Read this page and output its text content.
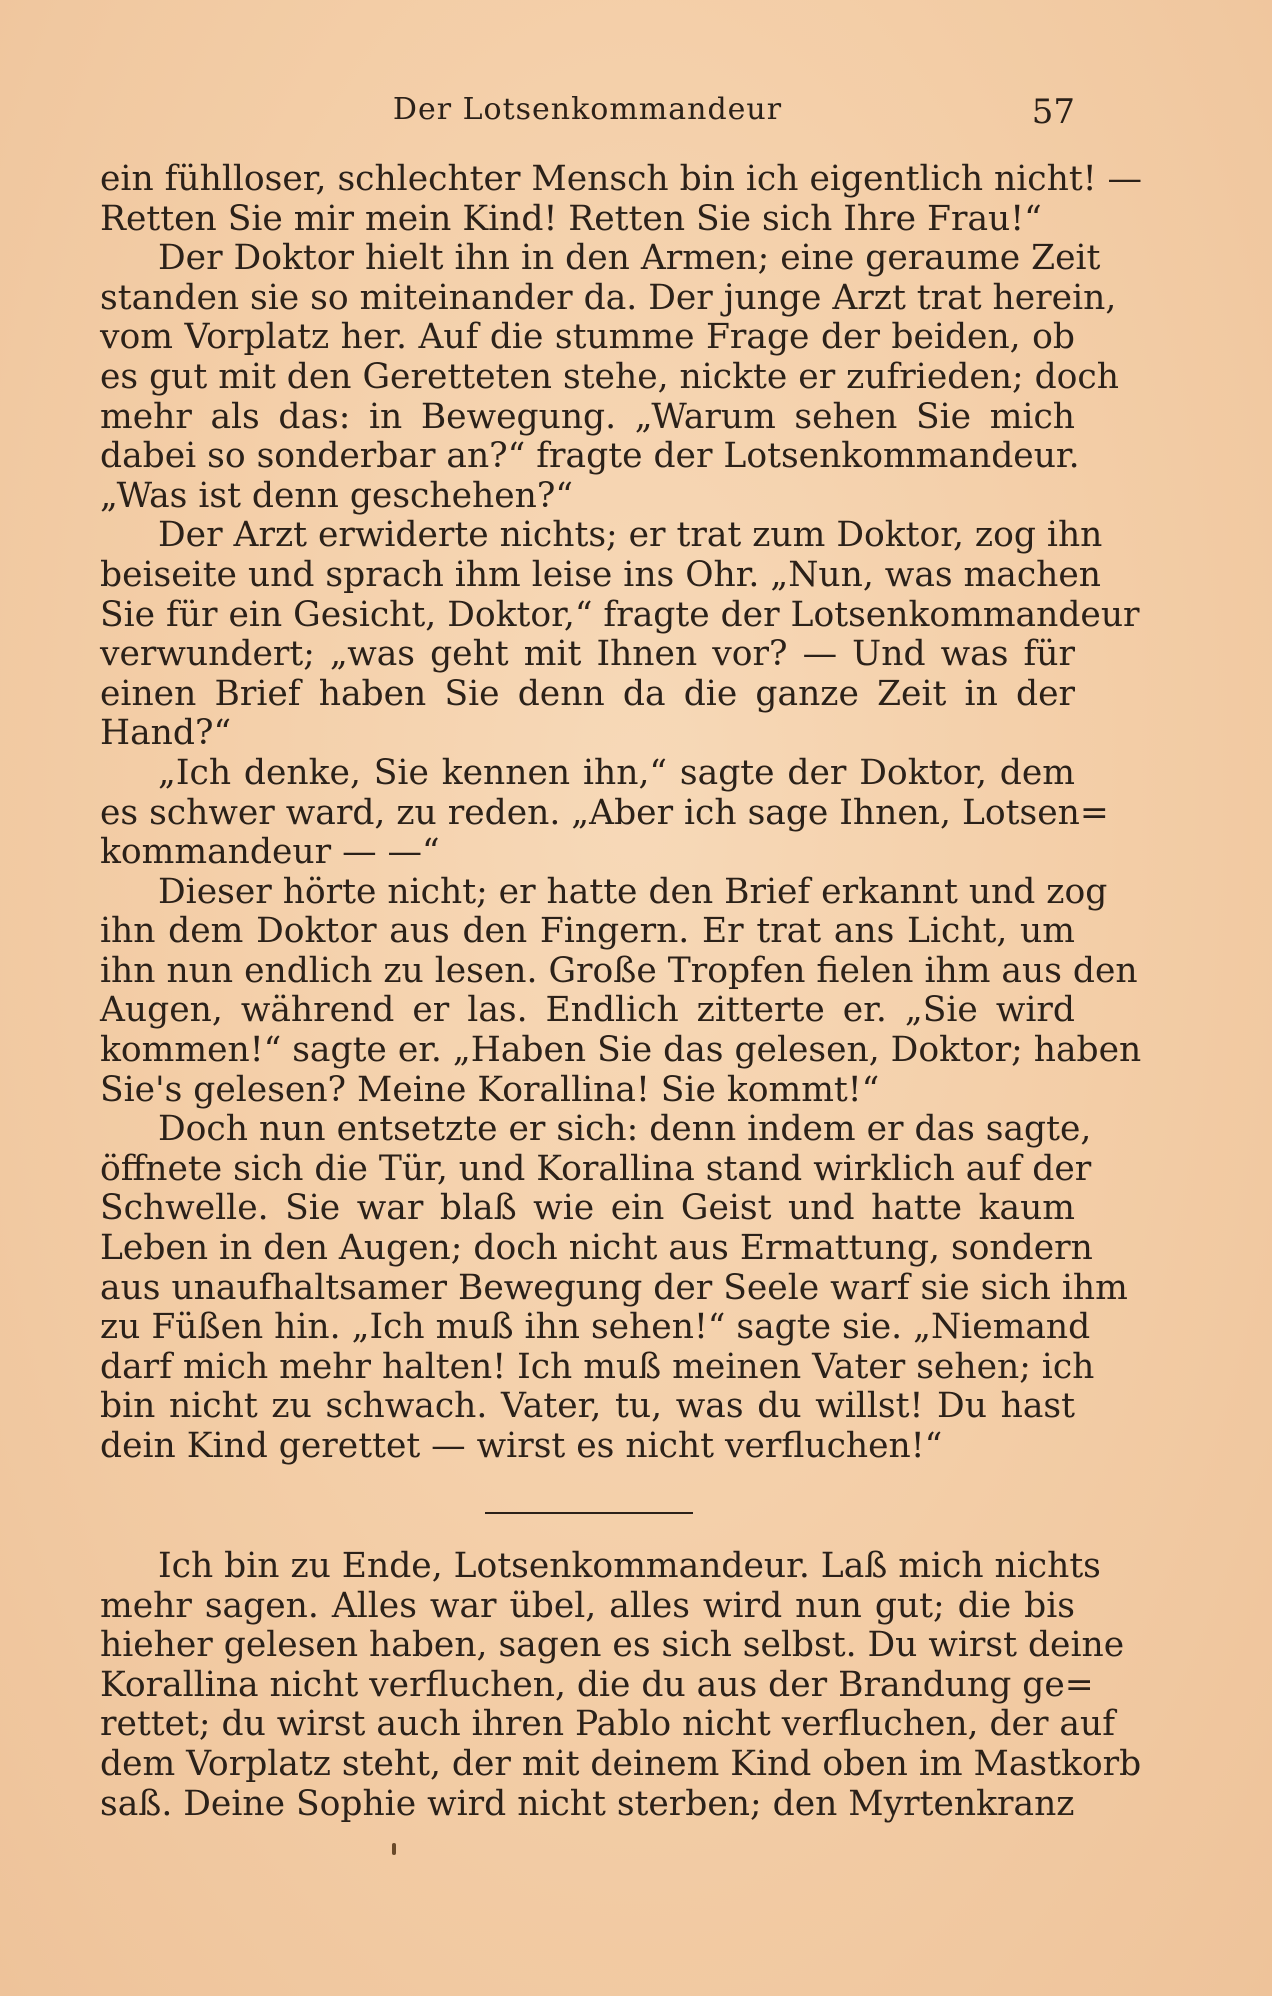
Der Lotsenkommandeur	57

ein fühlloser, schlechter Mensch bin ich eigentlich nicht! —
Retten Sie mir mein Kind! Retten Sie sich Ihre Frau!“

Der Doktor hielt ihn in den Armen; eine geraume Zeit
standen sie so miteinander da. Der junge Arzt trat herein,
vom Vorplatz her. Auf die stumme Frage der beiden, ob
es gut mit den Geretteten stehe, nickte er zufrieden; doch
mehr als das: in Bewegung. „Warum sehen Sie mich
dabei so sonderbar an?“ fragte der Lotsenkommandeur.
„Was ist denn geschehen?“

Der Arzt erwiderte nichts; er trat zum Doktor, zog ihn
beiseite und sprach ihm leise ins Ohr. „Nun, was machen
Sie für ein Gesicht, Doktor,“ fragte der Lotsenkommandeur
verwundert; „was geht mit Ihnen vor? — Und was für
einen Brief haben Sie denn da die ganze Zeit in der
Hand?“

„Ich denke, Sie kennen ihn,“ sagte der Doktor, dem
es schwer ward, zu reden. „Aber ich sage Ihnen, Lotsen=
kommandeur — —“

Dieser hörte nicht; er hatte den Brief erkannt und zog
ihn dem Doktor aus den Fingern. Er trat ans Licht, um
ihn nun endlich zu lesen. Große Tropfen fielen ihm aus den
Augen, während er las. Endlich zitterte er. „Sie wird
kommen!“ sagte er. „Haben Sie das gelesen, Doktor; haben
Sie's gelesen? Meine Korallina! Sie kommt!“

Doch nun entsetzte er sich: denn indem er das sagte,
öffnete sich die Tür, und Korallina stand wirklich auf der
Schwelle. Sie war blaß wie ein Geist und hatte kaum
Leben in den Augen; doch nicht aus Ermattung, sondern
aus unaufhaltsamer Bewegung der Seele warf sie sich ihm
zu Füßen hin. „Ich muß ihn sehen!“ sagte sie. „Niemand
darf mich mehr halten! Ich muß meinen Vater sehen; ich
bin nicht zu schwach. Vater, tu, was du willst! Du hast
dein Kind gerettet — wirst es nicht verfluchen!“

Ich bin zu Ende, Lotsenkommandeur. Laß mich nichts
mehr sagen. Alles war übel, alles wird nun gut; die bis
hieher gelesen haben, sagen es sich selbst. Du wirst deine
Korallina nicht verfluchen, die du aus der Brandung ge=
rettet; du wirst auch ihren Pablo nicht verfluchen, der auf
dem Vorplatz steht, der mit deinem Kind oben im Mastkorb
saß. Deine Sophie wird nicht sterben; den Myrtenkranz
